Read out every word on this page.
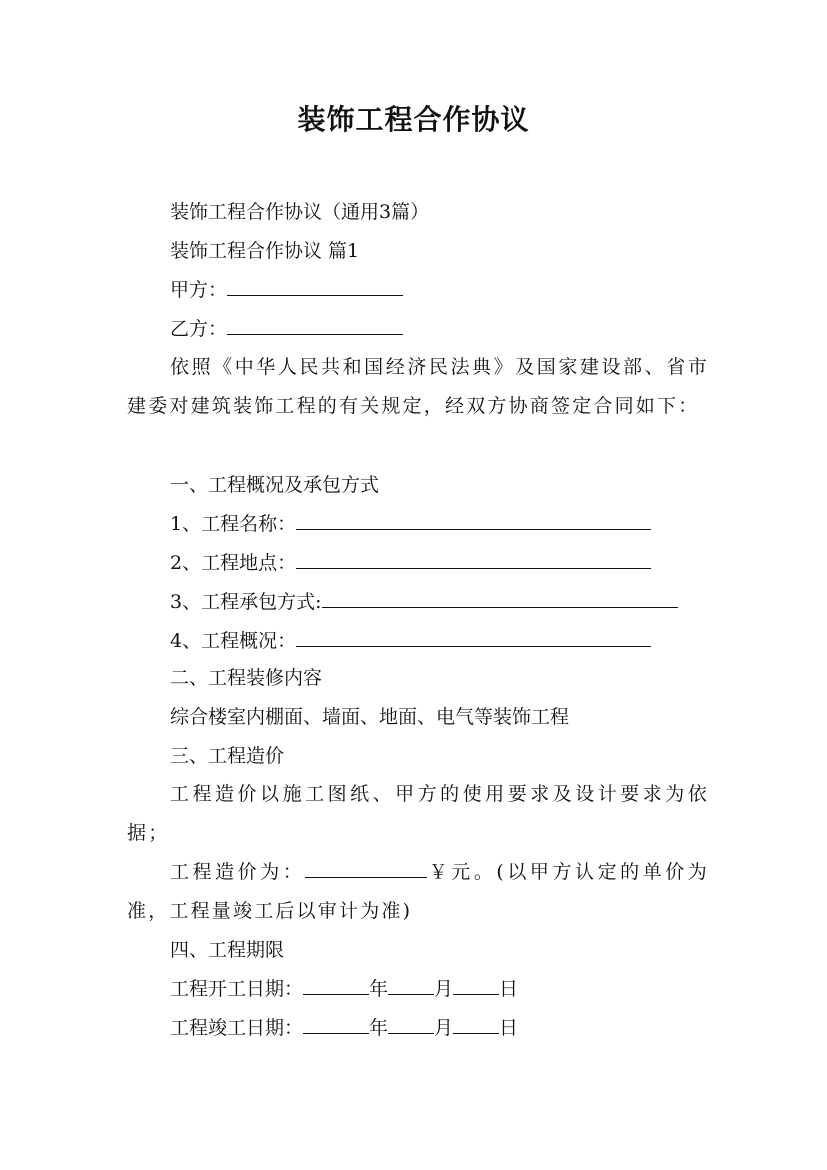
装饰工程合作协议
装饰工程合作协议（通用3篇）
装饰工程合作协议 篇1
甲方：
乙方：
依照《中华人民共和国经济民法典》及国家建设部、省市建委对建筑装饰工程的有关规定，经双方协商签定合同如下：
一、工程概况及承包方式
1、工程名称：
2、工程地点：
3、工程承包方式:
4、工程概况：
二、工程装修内容
综合楼室内棚面、墙面、地面、电气等装饰工程
三、工程造价
工程造价以施工图纸、甲方的使用要求及设计要求为依据；
工程造价为：	￥元。(以甲方认定的单价为准，工程量竣工后以审计为准)
四、工程期限
工程开工日期：	年 月 日
工程竣工日期：	年 月 日
